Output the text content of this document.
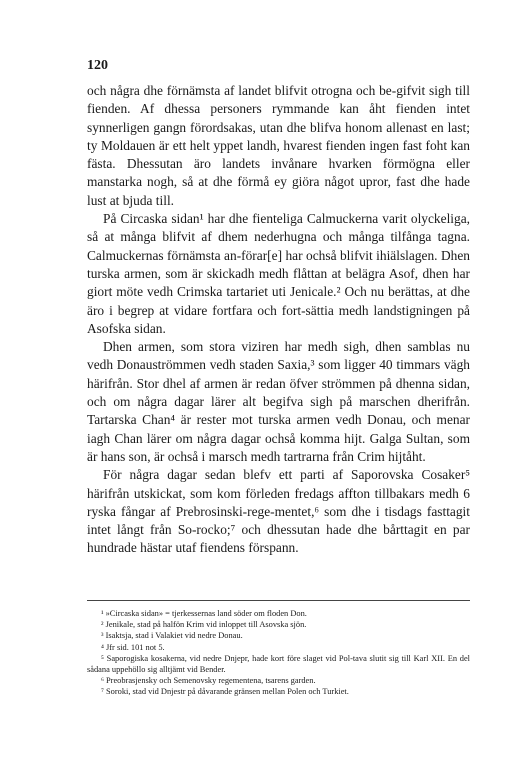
120

och några dhe förnämsta af landet blifvit otrogna och be-gifvit sigh till fienden. Af dhessa personers rymmande kan åht fienden intet synnerligen gangn förordsakas, utan dhe blifva honom allenast en last; ty Moldauen är ett helt yppet landh, hvarest fienden ingen fast foht kan fästa. Dhessutan äro landets invånare hvarken förmögna eller manstarka nogh, så at dhe förmå ey giöra något upror, fast dhe hade lust at bjuda till.

På Circaska sidan¹ har dhe fienteliga Calmuckerna varit olyckeliga, så at många blifvit af dhem nederhugna och många tilfånga tagna. Calmuckernas förnämsta an-förar[e] har ochså blifvit ihiälslagen. Dhen turska armen, som är skickadh medh flåttan at belägra Asof, dhen har giort möte vedh Crimska tartariet uti Jenicale.² Och nu berättas, at dhe äro i begrep at vidare fortfara och fort-sättia medh landstigningen på Asofska sidan.

Dhen armen, som stora viziren har medh sigh, dhen samblas nu vedh Donauströmmen vedh staden Saxia,³ som ligger 40 timmars vägh härifrån. Stor dhel af armen är redan öfver strömmen på dhenna sidan, och om några dagar lärer alt begifva sigh på marschen dherifrån. Tartarska Chan⁴ är rester mot turska armen vedh Donau, och menar iagh Chan lärer om några dagar ochså komma hijt. Galga Sultan, som är hans son, är ochså i marsch medh tartrarna från Crim hijtåht.

För några dagar sedan blefv ett parti af Saporovska Cosaker⁵ härifrån utskickat, som kom förleden fredags affton tillbakars medh 6 ryska fångar af Prebrosinski-rege-mentet,⁶ som dhe i tisdags fasttagit intet långt från So-rocko;⁷ och dhessutan hade dhe bårttagit en par hundrade hästar utaf fiendens förspann.

¹ »Circaska sidan» = tjerkessernas land söder om floden Don.

² Jenikale, stad på halfön Krim vid inloppet till Asovska sjön.

³ Isaktsja, stad i Valakiet vid nedre Donau.

⁴ Jfr sid. 101 not 5.

⁵ Saporogiska kosakerna, vid nedre Dnjepr, hade kort före slaget vid Pol-tava slutit sig till Karl XII. En del sådana uppehöllo sig alltjämt vid Bender.

⁶ Preobrasjensky och Semenovsky regementena, tsarens garden.

⁷ Soroki, stad vid Dnjestr på dåvarande gränsen mellan Polen och Turkiet.
